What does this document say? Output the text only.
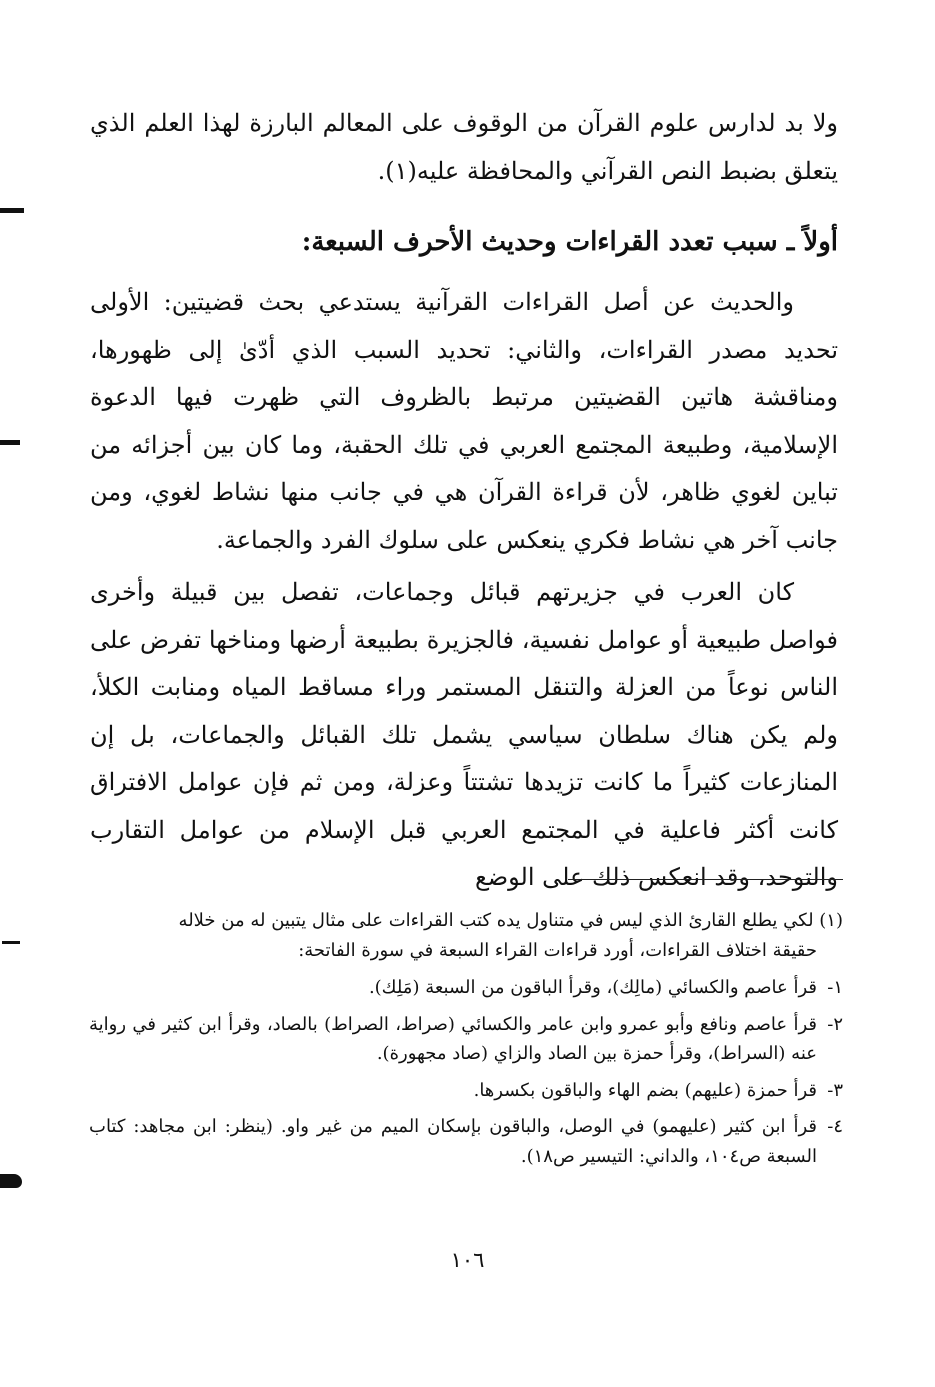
ولا بد لدارس علوم القرآن من الوقوف على المعالم البارزة لهذا العلم الذي يتعلق بضبط النص القرآني والمحافظة عليه(١).

أولاً ـ سبب تعدد القراءات وحديث الأحرف السبعة:

والحديث عن أصل القراءات القرآنية يستدعي بحث قضيتين: الأولى تحديد مصدر القراءات، والثاني: تحديد السبب الذي أدّىٰ إلى ظهورها، ومناقشة هاتين القضيتين مرتبط بالظروف التي ظهرت فيها الدعوة الإسلامية، وطبيعة المجتمع العربي في تلك الحقبة، وما كان بين أجزائه من تباين لغوي ظاهر، لأن قراءة القرآن هي في جانب منها نشاط لغوي، ومن جانب آخر هي نشاط فكري ينعكس على سلوك الفرد والجماعة.

كان العرب في جزيرتهم قبائل وجماعات، تفصل بين قبيلة وأخرى فواصل طبيعية أو عوامل نفسية، فالجزيرة بطبيعة أرضها ومناخها تفرض على الناس نوعاً من العزلة والتنقل المستمر وراء مساقط المياه ومنابت الكلأ، ولم يكن هناك سلطان سياسي يشمل تلك القبائل والجماعات، بل إن المنازعات كثيراً ما كانت تزيدها تشتتاً وعزلة، ومن ثم فإن عوامل الافتراق كانت أكثر فاعلية في المجتمع العربي قبل الإسلام من عوامل التقارب والتوحد، وقد انعكس ذلك على الوضع

(١) لكي يطلع القارئ الذي ليس في متناول يده كتب القراءات على مثال يتبين له من خلاله
حقيقة اختلاف القراءات، أورد قراءات القراء السبعة في سورة الفاتحة:
١-
قرأ عاصم والكسائي (مالِك)، وقرأ الباقون من السبعة (مَلِك).
٢-
قرأ عاصم ونافع وأبو عمرو وابن عامر والكسائي (صراط، الصراط) بالصاد، وقرأ ابن كثير في رواية عنه (السراط)، وقرأ حمزة بين الصاد والزاي (صاد مجهورة).
٣-
قرأ حمزة (عليهم) بضم الهاء والباقون بكسرها.
٤-
قرأ ابن كثير (عليهمو) في الوصل، والباقون بإسكان الميم من غير واو. (ينظر: ابن مجاهد: كتاب السبعة ص١٠٤، والداني: التيسير ص١٨).
١٠٦
